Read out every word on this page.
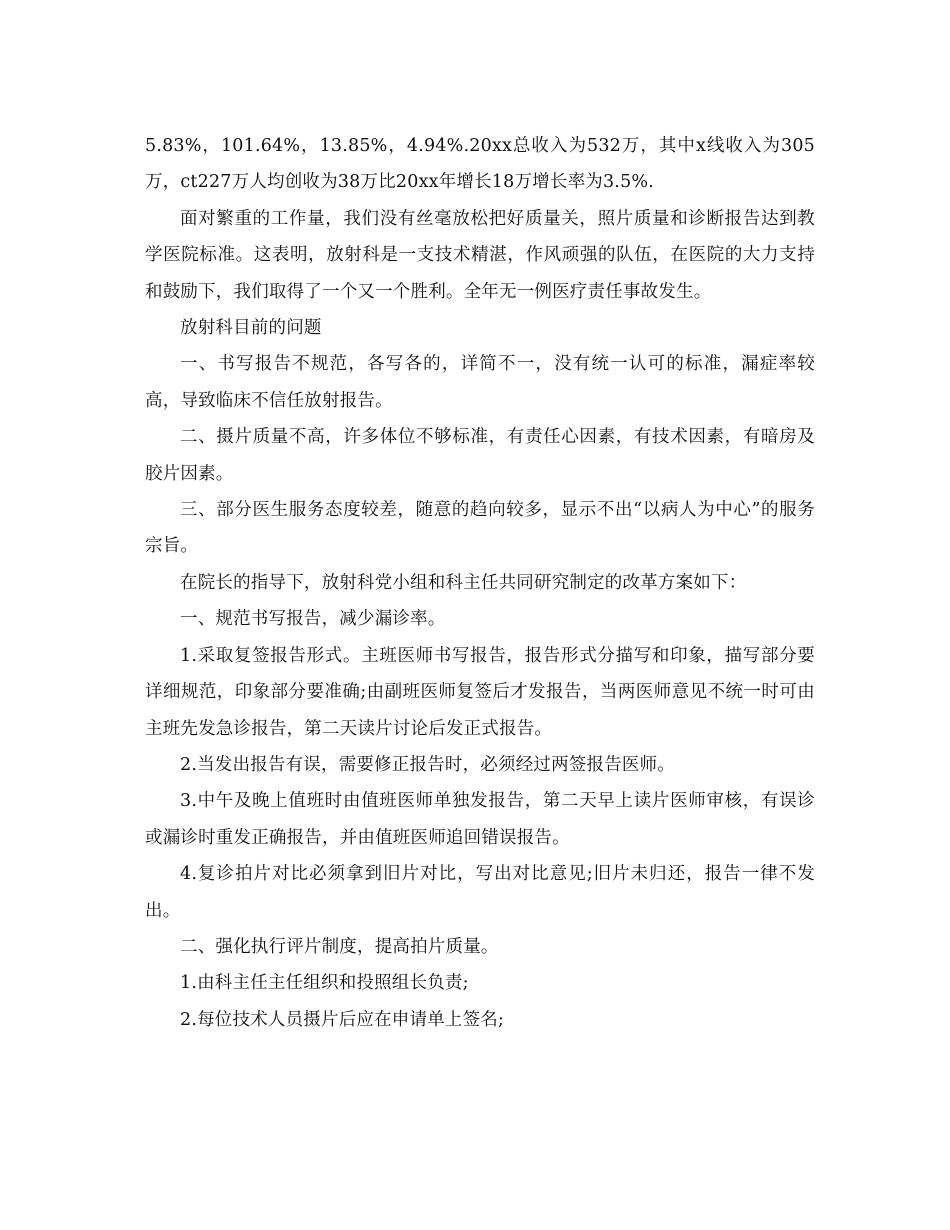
5.83%，101.64%，13.85%，4.94%.20xx总收入为532万，其中x线收入为305万，ct227万人均创收为38万比20xx年增长18万增长率为3.5%.

面对繁重的工作量，我们没有丝毫放松把好质量关，照片质量和诊断报告达到教学医院标准。这表明，放射科是一支技术精湛，作风顽强的队伍，在医院的大力支持和鼓励下，我们取得了一个又一个胜利。全年无一例医疗责任事故发生。

放射科目前的问题

一、书写报告不规范，各写各的，详简不一，没有统一认可的标准，漏症率较高，导致临床不信任放射报告。

二、摄片质量不高，许多体位不够标准，有责任心因素，有技术因素，有暗房及胶片因素。

三、部分医生服务态度较差，随意的趋向较多，显示不出“以病人为中心”的服务宗旨。

在院长的指导下，放射科党小组和科主任共同研究制定的改革方案如下：

一、规范书写报告，减少漏诊率。

1.采取复签报告形式。主班医师书写报告，报告形式分描写和印象，描写部分要详细规范，印象部分要准确;由副班医师复签后才发报告，当两医师意见不统一时可由主班先发急诊报告，第二天读片讨论后发正式报告。

2.当发出报告有误，需要修正报告时，必须经过两签报告医师。

3.中午及晚上值班时由值班医师单独发报告，第二天早上读片医师审核，有误诊或漏诊时重发正确报告，并由值班医师追回错误报告。

4.复诊拍片对比必须拿到旧片对比，写出对比意见;旧片未归还，报告一律不发出。

二、强化执行评片制度，提高拍片质量。

1.由科主任主任组织和投照组长负责;

2.每位技术人员摄片后应在申请单上签名;
